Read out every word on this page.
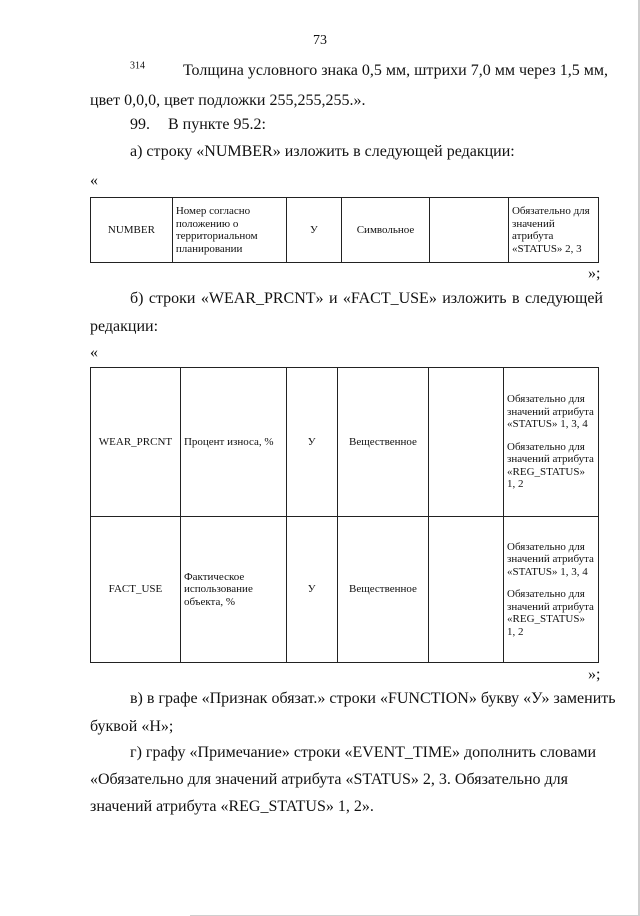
73
$^{314}$ Толщина условного знака 0,5 мм, штрихи 7,0 мм через 1,5 мм,
цвет 0,0,0, цвет подложки 255,255,255.».
99. В пункте 95.2:
а) строку «NUMBER» изложить в следующей редакции:
«
NUMBER	Номер согласно положению о территориальном планировании	У	Символьное		Обязательно для значений атрибута «STATUS» 2, 3
»;
б) строки «WEAR_PRCNT» и «FACT_USE» изложить в следующей
редакции:
«
WEAR_PRCNT	Процент износа, %	У	Вещественное		Обязательно для значений атрибута «STATUS» 1, 3, 4
Обязательно для значений атрибута «REG_STATUS» 1, 2

FACT_USE	Фактическое использование объекта, %	У	Вещественное		Обязательно для значений атрибута «STATUS» 1, 3, 4
Обязательно для значений атрибута «REG_STATUS» 1, 2
»;
в) в графе «Признак обязат.» строки «FUNCTION» букву «У» заменить
буквой «Н»;
г) графу «Примечание» строки «EVENT_TIME» дополнить словами
«Обязательно для значений атрибута «STATUS» 2, 3. Обязательно для
значений атрибута «REG_STATUS» 1, 2».
